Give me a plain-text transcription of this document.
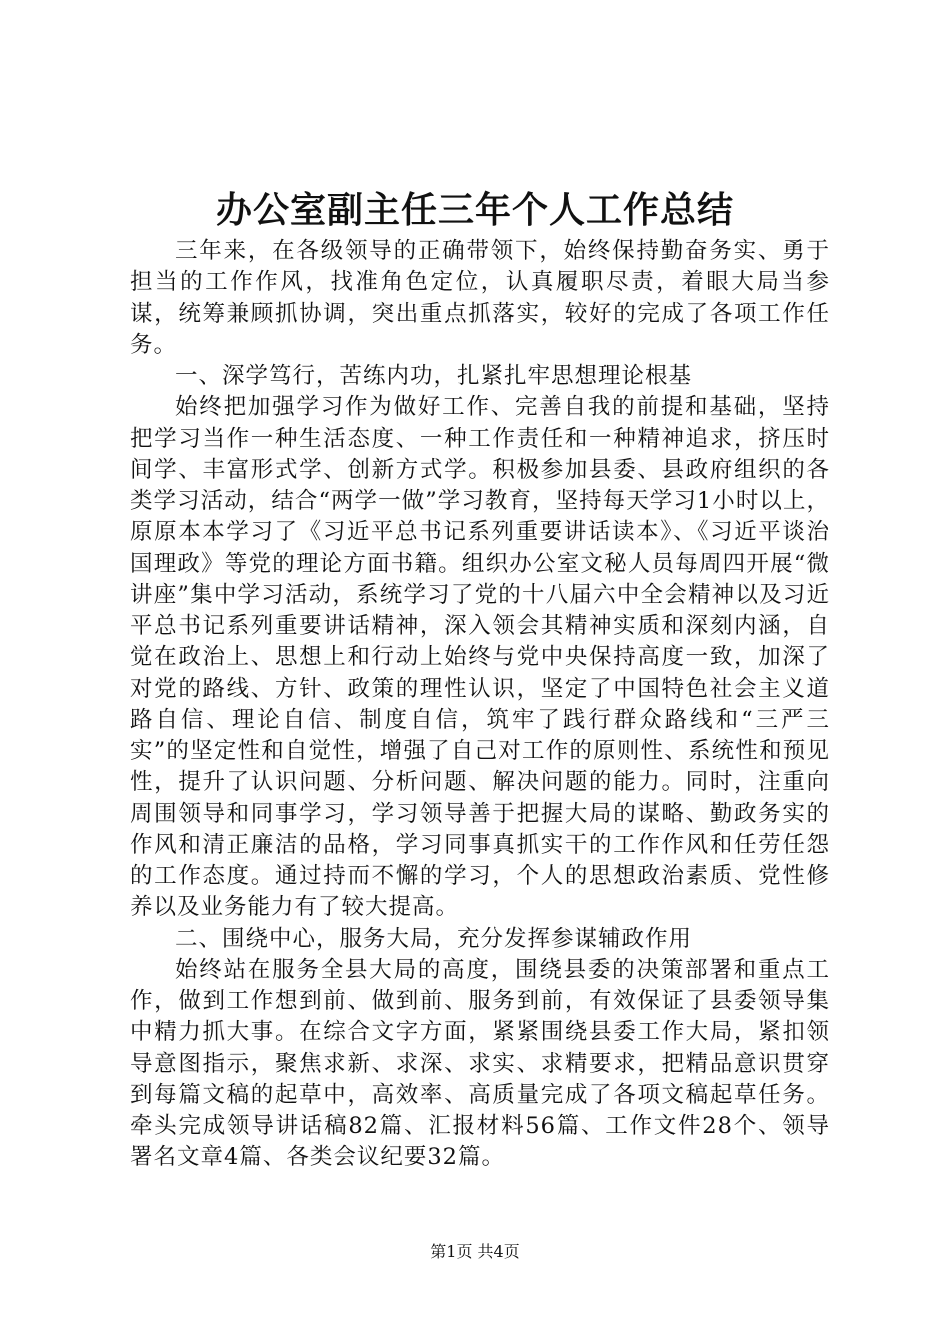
办公室副主任三年个人工作总结

三年来，在各级领导的正确带领下，始终保持勤奋务实、勇于担当的工作作风，找准角色定位，认真履职尽责，着眼大局当参谋，统筹兼顾抓协调，突出重点抓落实，较好的完成了各项工作任务。

一、深学笃行，苦练内功，扎紧扎牢思想理论根基

始终把加强学习作为做好工作、完善自我的前提和基础，坚持把学习当作一种生活态度、一种工作责任和一种精神追求，挤压时间学、丰富形式学、创新方式学。积极参加县委、县政府组织的各类学习活动，结合“两学一做”学习教育，坚持每天学习1小时以上，原原本本学习了《习近平总书记系列重要讲话读本》、《习近平谈治国理政》等党的理论方面书籍。组织办公室文秘人员每周四开展“微讲座”集中学习活动，系统学习了党的十八届六中全会精神以及习近平总书记系列重要讲话精神，深入领会其精神实质和深刻内涵，自觉在政治上、思想上和行动上始终与党中央保持高度一致，加深了对党的路线、方针、政策的理性认识，坚定了中国特色社会主义道路自信、理论自信、制度自信，筑牢了践行群众路线和“三严三实”的坚定性和自觉性，增强了自己对工作的原则性、系统性和预见性，提升了认识问题、分析问题、解决问题的能力。同时，注重向周围领导和同事学习，学习领导善于把握大局的谋略、勤政务实的作风和清正廉洁的品格，学习同事真抓实干的工作作风和任劳任怨的工作态度。通过持而不懈的学习，个人的思想政治素质、党性修养以及业务能力有了较大提高。

二、围绕中心，服务大局，充分发挥参谋辅政作用

始终站在服务全县大局的高度，围绕县委的决策部署和重点工作，做到工作想到前、做到前、服务到前，有效保证了县委领导集中精力抓大事。在综合文字方面，紧紧围绕县委工作大局，紧扣领导意图指示，聚焦求新、求深、求实、求精要求，把精品意识贯穿到每篇文稿的起草中，高效率、高质量完成了各项文稿起草任务。牵头完成领导讲话稿82篇、汇报材料56篇、工作文件28个、领导署名文章4篇、各类会议纪要32篇。

第1页 共4页
